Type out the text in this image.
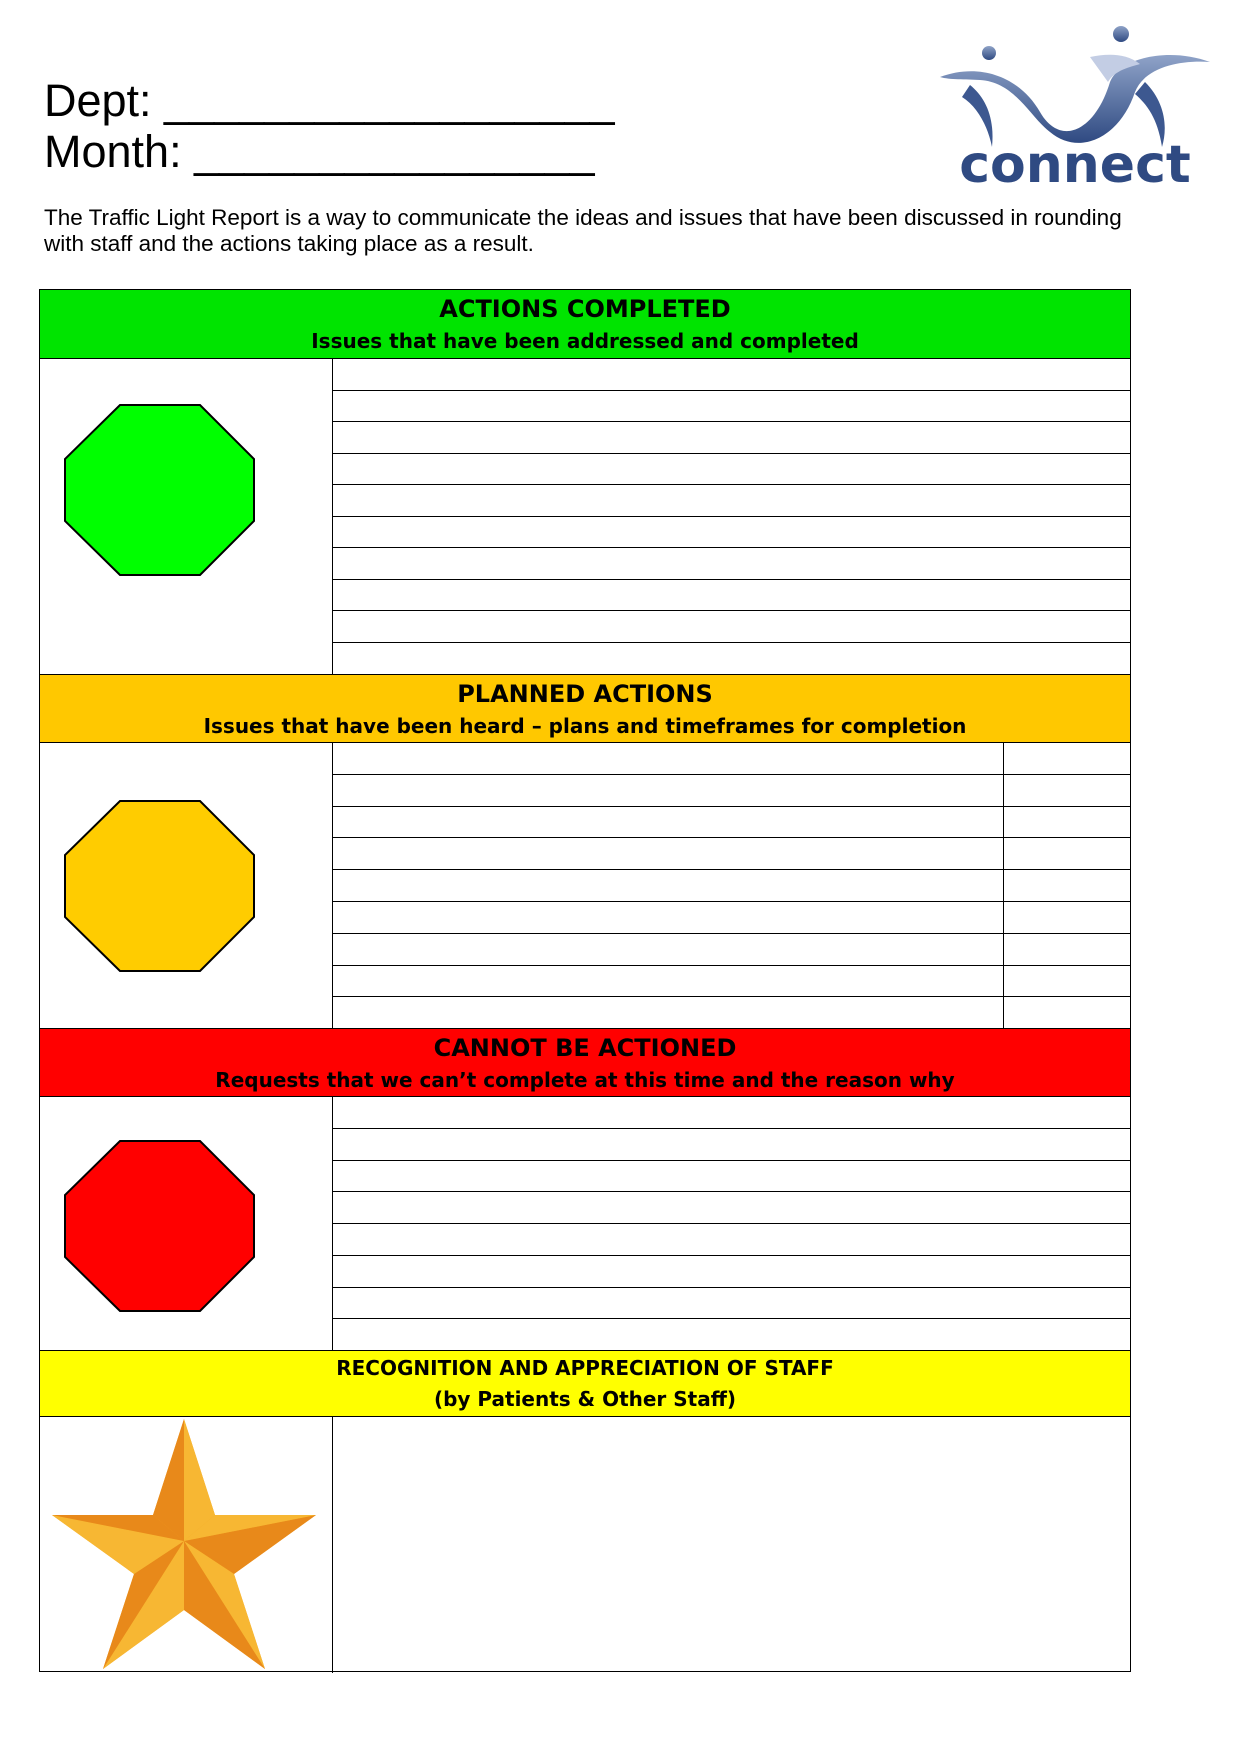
Dept: __________________
Month: ________________	connect
The Traffic Light Report is a way to communicate the ideas and issues that have been discussed in rounding with staff and the actions taking place as a result.
ACTIONS COMPLETED
Issues that have been addressed and completed
PLANNED ACTIONS
Issues that have been heard – plans and timeframes for completion
CANNOT BE ACTIONED
Requests that we can’t complete at this time and the reason why
RECOGNITION AND APPRECIATION OF STAFF
(by Patients & Other Staff)
